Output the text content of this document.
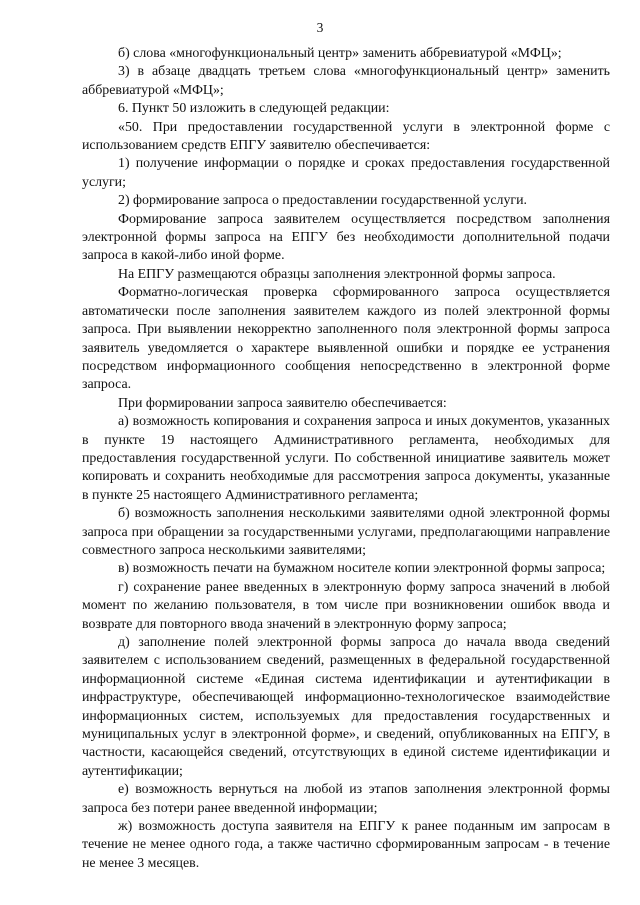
3

б) слова «многофункциональный центр» заменить аббревиатурой «МФЦ»;

3) в абзаце двадцать третьем слова «многофункциональный центр» заменить аббревиатурой «МФЦ»;

6. Пункт 50 изложить в следующей редакции:

«50. При предоставлении государственной услуги в электронной форме с использованием средств ЕПГУ заявителю обеспечивается:

1) получение информации о порядке и сроках предоставления государственной услуги;

2) формирование запроса о предоставлении государственной услуги.

Формирование запроса заявителем осуществляется посредством заполнения электронной формы запроса на ЕПГУ без необходимости дополнительной подачи запроса в какой-либо иной форме.

На ЕПГУ размещаются образцы заполнения электронной формы запроса.

Форматно-логическая проверка сформированного запроса осуществляется автоматически после заполнения заявителем каждого из полей электронной формы запроса. При выявлении некорректно заполненного поля электронной формы запроса заявитель уведомляется о характере выявленной ошибки и порядке ее устранения посредством информационного сообщения непосредственно в электронной форме запроса.

При формировании запроса заявителю обеспечивается:

а) возможность копирования и сохранения запроса и иных документов, указанных в пункте 19 настоящего Административного регламента, необходимых для предоставления государственной услуги. По собственной инициативе заявитель может копировать и сохранить необходимые для рассмотрения запроса документы, указанные в пункте 25 настоящего Административного регламента;

б) возможность заполнения несколькими заявителями одной электронной формы запроса при обращении за государственными услугами, предполагающими направление совместного запроса несколькими заявителями;

в) возможность печати на бумажном носителе копии электронной формы запроса;

г) сохранение ранее введенных в электронную форму запроса значений в любой момент по желанию пользователя, в том числе при возникновении ошибок ввода и возврате для повторного ввода значений в электронную форму запроса;

д) заполнение полей электронной формы запроса до начала ввода сведений заявителем с использованием сведений, размещенных в федеральной государственной информационной системе «Единая система идентификации и аутентификации в инфраструктуре, обеспечивающей информационно-технологическое взаимодействие информационных систем, используемых для предоставления государственных и муниципальных услуг в электронной форме», и сведений, опубликованных на ЕПГУ, в частности, касающейся сведений, отсутствующих в единой системе идентификации и аутентификации;

е) возможность вернуться на любой из этапов заполнения электронной формы запроса без потери ранее введенной информации;

ж) возможность доступа заявителя на ЕПГУ к ранее поданным им запросам в течение не менее одного года, а также частично сформированным запросам - в течение не менее 3 месяцев.
